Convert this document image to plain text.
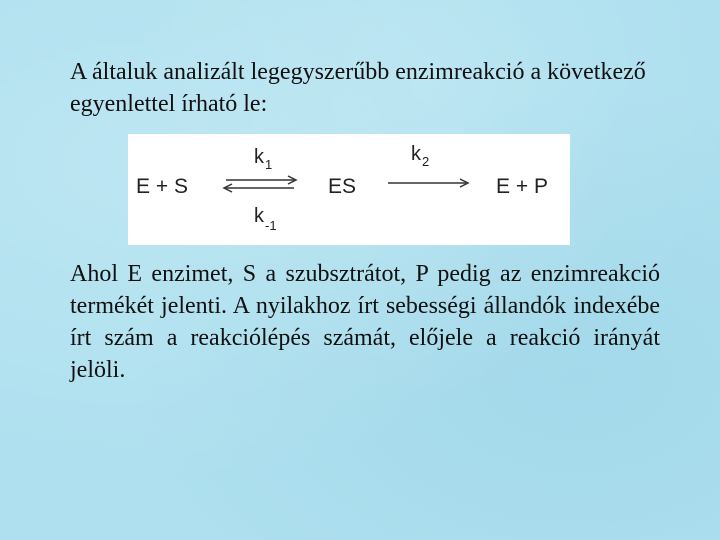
A általuk analizált legegyszerűbb enzimreakció a következő egyenlettel írható le:
E + S
k 1
k -1
ES
k 2
E + P
Ahol E enzimet, S a szubsztrátot, P pedig az enzimreakció termékét jelenti. A nyilakhoz írt sebességi állandók indexébe írt szám a reakciólépés számát, előjele a reakció irányát jelöli.
